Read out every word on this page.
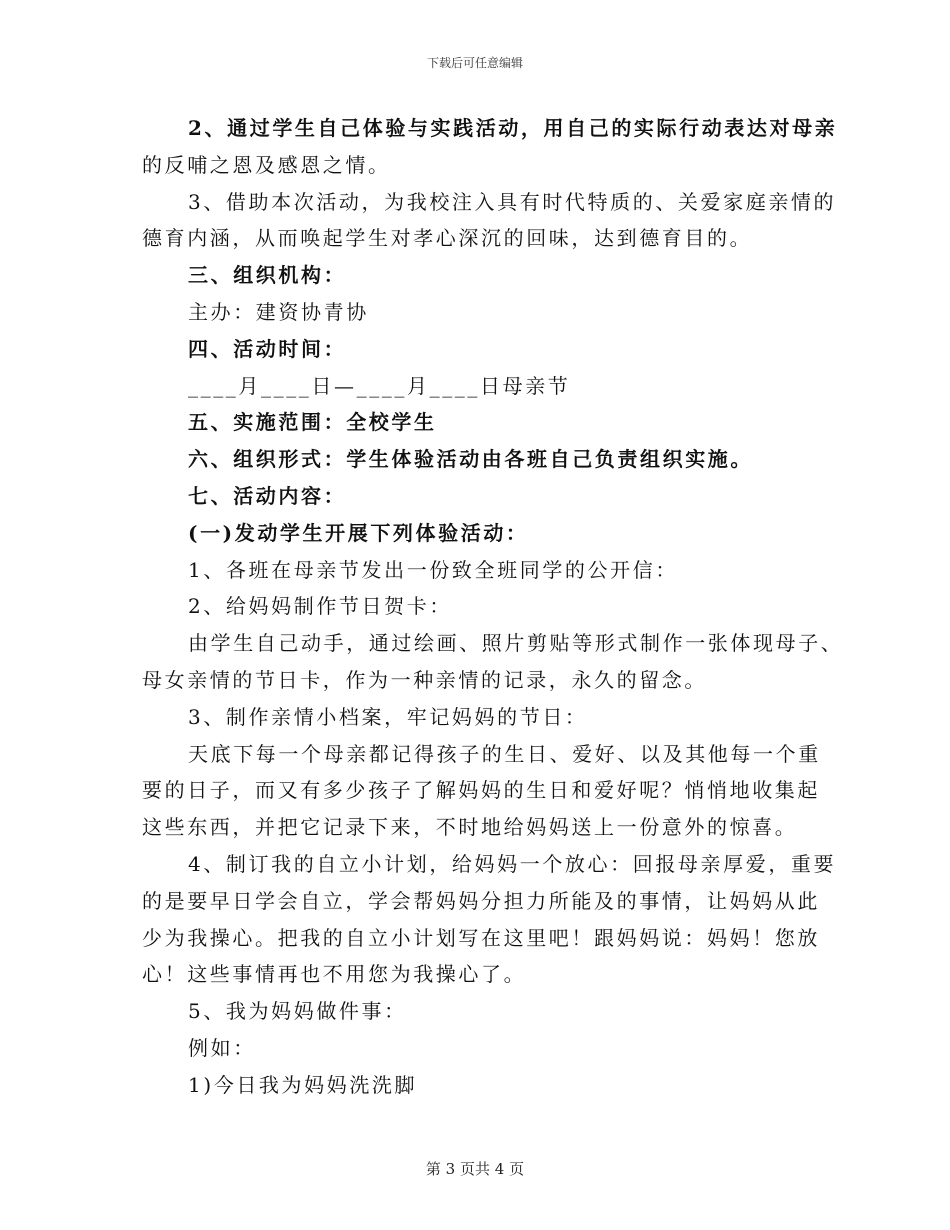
下载后可任意编辑

2、通过学生自己体验与实践活动，用自己的实际行动表达对母亲

的反哺之恩及感恩之情。

3、借助本次活动，为我校注入具有时代特质的、关爱家庭亲情的

德育内涵，从而唤起学生对孝心深沉的回味，达到德育目的。

三、组织机构：

主办：建资协青协

四、活动时间：

____月____日—____月____日母亲节

五、实施范围：全校学生

六、组织形式：学生体验活动由各班自己负责组织实施。

七、活动内容：

(一)发动学生开展下列体验活动：

1、各班在母亲节发出一份致全班同学的公开信：

2、给妈妈制作节日贺卡：

由学生自己动手，通过绘画、照片剪贴等形式制作一张体现母子、

母女亲情的节日卡，作为一种亲情的记录，永久的留念。

3、制作亲情小档案，牢记妈妈的节日：

天底下每一个母亲都记得孩子的生日、爱好、以及其他每一个重

要的日子，而又有多少孩子了解妈妈的生日和爱好呢？悄悄地收集起

这些东西，并把它记录下来，不时地给妈妈送上一份意外的惊喜。

4、制订我的自立小计划，给妈妈一个放心：回报母亲厚爱，重要

的是要早日学会自立，学会帮妈妈分担力所能及的事情，让妈妈从此

少为我操心。把我的自立小计划写在这里吧！跟妈妈说：妈妈！您放

心！这些事情再也不用您为我操心了。

5、我为妈妈做件事：

例如：

1)今日我为妈妈洗洗脚

第 3 页共 4 页
